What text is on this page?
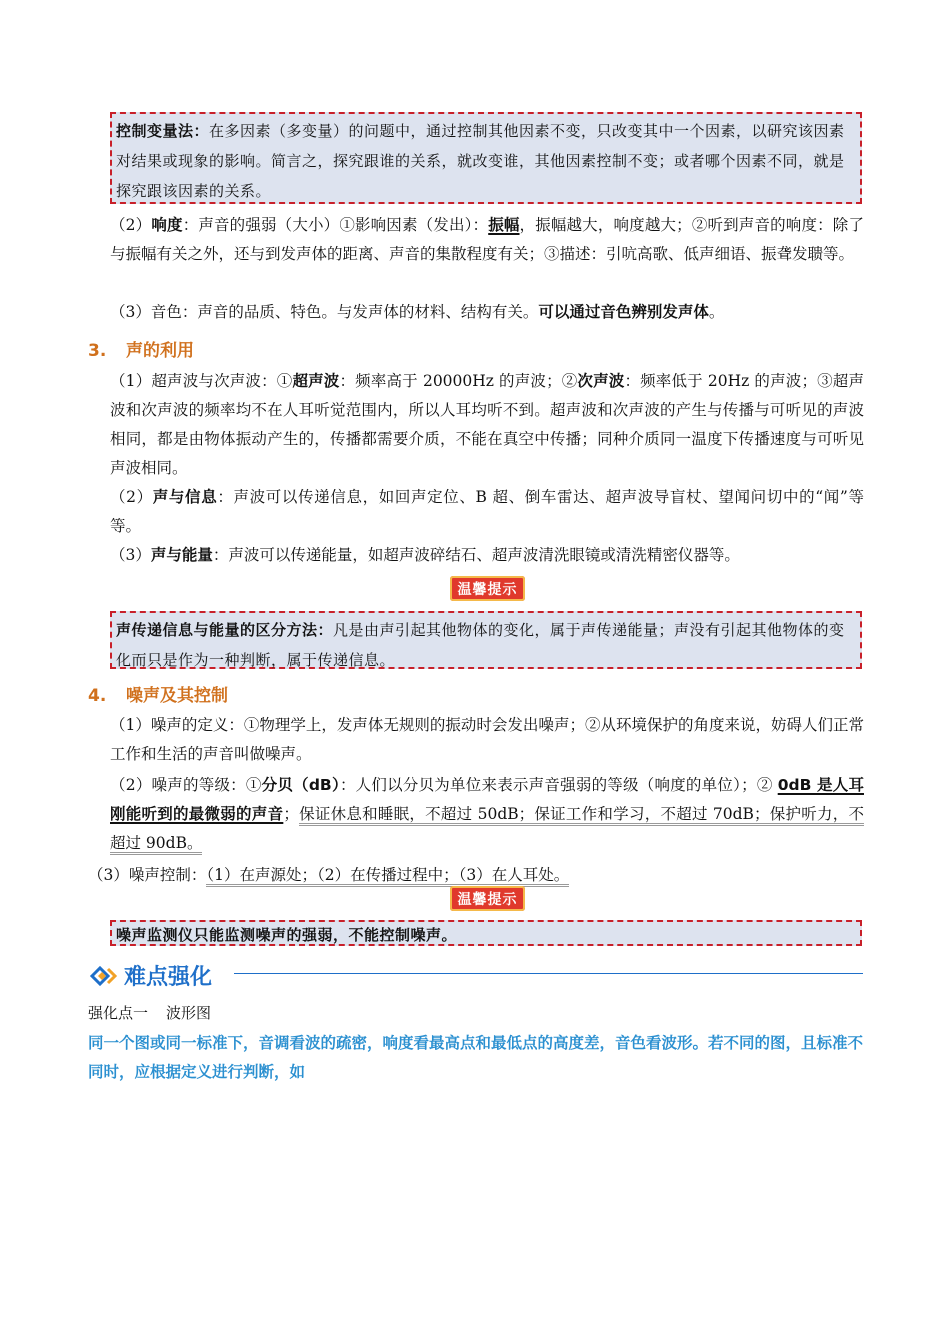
控制变量法：在多因素（多变量）的问题中，通过控制其他因素不变，只改变其中一个因素，以研究该因素对结果或现象的影响。简言之，探究跟谁的关系，就改变谁，其他因素控制不变；或者哪个因素不同，就是探究跟该因素的关系。
（2）响度：声音的强弱（大小）①影响因素（发出）：振幅，振幅越大，响度越大；②听到声音的响度：除了与振幅有关之外，还与到发声体的距离、声音的集散程度有关；③描述：引吭高歌、低声细语、振聋发聩等。
（3）音色：声音的品质、特色。与发声体的材料、结构有关。可以通过音色辨别发声体。
3. 声的利用
（1）超声波与次声波：①超声波：频率高于 20000Hz 的声波；②次声波：频率低于 20Hz 的声波；③超声波和次声波的频率均不在人耳听觉范围内，所以人耳均听不到。超声波和次声波的产生与传播与可听见的声波相同，都是由物体振动产生的，传播都需要介质，不能在真空中传播；同种介质同一温度下传播速度与可听见声波相同。
（2）声与信息：声波可以传递信息，如回声定位、B 超、倒车雷达、超声波导盲杖、望闻问切中的“闻”等等。
（3）声与能量：声波可以传递能量，如超声波碎结石、超声波清洗眼镜或清洗精密仪器等。
温馨提示
声传递信息与能量的区分方法：凡是由声引起其他物体的变化，属于声传递能量；声没有引起其他物体的变化而只是作为一种判断，属于传递信息。
4. 噪声及其控制
（1）噪声的定义：①物理学上，发声体无规则的振动时会发出噪声；②从环境保护的角度来说，妨碍人们正常工作和生活的声音叫做噪声。
（2）噪声的等级：①分贝（dB）：人们以分贝为单位来表示声音强弱的等级（响度的单位）；② 0dB 是人耳刚能听到的最微弱的声音；保证休息和睡眠，不超过 50dB；保证工作和学习，不超过 70dB；保护听力，不超过 90dB。
（3）噪声控制：（1）在声源处；（2）在传播过程中；（3）在人耳处。
温馨提示
噪声监测仪只能监测噪声的强弱，不能控制噪声。
难点强化
强化点一 波形图
同一个图或同一标准下，音调看波的疏密，响度看最高点和最低点的高度差，音色看波形。若不同的图，且标准不同时，应根据定义进行判断，如
